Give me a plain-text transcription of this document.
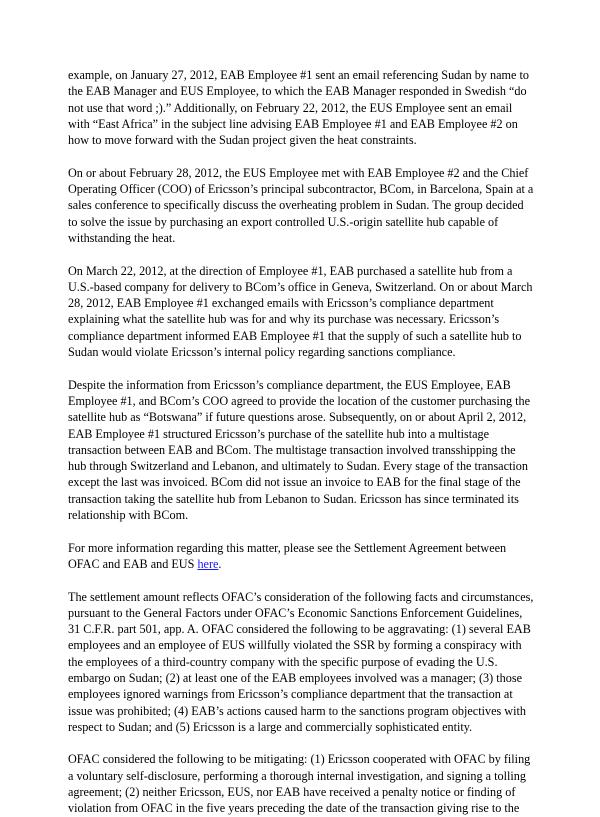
example, on January 27, 2012, EAB Employee #1 sent an email referencing Sudan by name to the EAB Manager and EUS Employee, to which the EAB Manager responded in Swedish “do not use that word ;).” Additionally, on February 22, 2012, the EUS Employee sent an email with “East Africa” in the subject line advising EAB Employee #1 and EAB Employee #2 on how to move forward with the Sudan project given the heat constraints.

On or about February 28, 2012, the EUS Employee met with EAB Employee #2 and the Chief Operating Officer (COO) of Ericsson’s principal subcontractor, BCom, in Barcelona, Spain at a sales conference to specifically discuss the overheating problem in Sudan. The group decided to solve the issue by purchasing an export controlled U.S.-origin satellite hub capable of withstanding the heat.

On March 22, 2012, at the direction of Employee #1, EAB purchased a satellite hub from a U.S.-based company for delivery to BCom’s office in Geneva, Switzerland. On or about March 28, 2012, EAB Employee #1 exchanged emails with Ericsson’s compliance department explaining what the satellite hub was for and why its purchase was necessary. Ericsson’s compliance department informed EAB Employee #1 that the supply of such a satellite hub to Sudan would violate Ericsson’s internal policy regarding sanctions compliance.

Despite the information from Ericsson’s compliance department, the EUS Employee, EAB Employee #1, and BCom’s COO agreed to provide the location of the customer purchasing the satellite hub as “Botswana” if future questions arose. Subsequently, on or about April 2, 2012, EAB Employee #1 structured Ericsson’s purchase of the satellite hub into a multistage transaction between EAB and BCom. The multistage transaction involved transshipping the hub through Switzerland and Lebanon, and ultimately to Sudan. Every stage of the transaction except the last was invoiced. BCom did not issue an invoice to EAB for the final stage of the transaction taking the satellite hub from Lebanon to Sudan. Ericsson has since terminated its relationship with BCom.

For more information regarding this matter, please see the Settlement Agreement between OFAC and EAB and EUS here.

The settlement amount reflects OFAC’s consideration of the following facts and circumstances, pursuant to the General Factors under OFAC’s Economic Sanctions Enforcement Guidelines, 31 C.F.R. part 501, app. A. OFAC considered the following to be aggravating: (1) several EAB employees and an employee of EUS willfully violated the SSR by forming a conspiracy with the employees of a third-country company with the specific purpose of evading the U.S. embargo on Sudan; (2) at least one of the EAB employees involved was a manager; (3) those employees ignored warnings from Ericsson’s compliance department that the transaction at issue was prohibited; (4) EAB’s actions caused harm to the sanctions program objectives with respect to Sudan; and (5) Ericsson is a large and commercially sophisticated entity.

OFAC considered the following to be mitigating: (1) Ericsson cooperated with OFAC by filing a voluntary self-disclosure, performing a thorough internal investigation, and signing a tolling agreement; (2) neither Ericsson, EUS, nor EAB have received a penalty notice or finding of violation from OFAC in the five years preceding the date of the transaction giving rise to the
